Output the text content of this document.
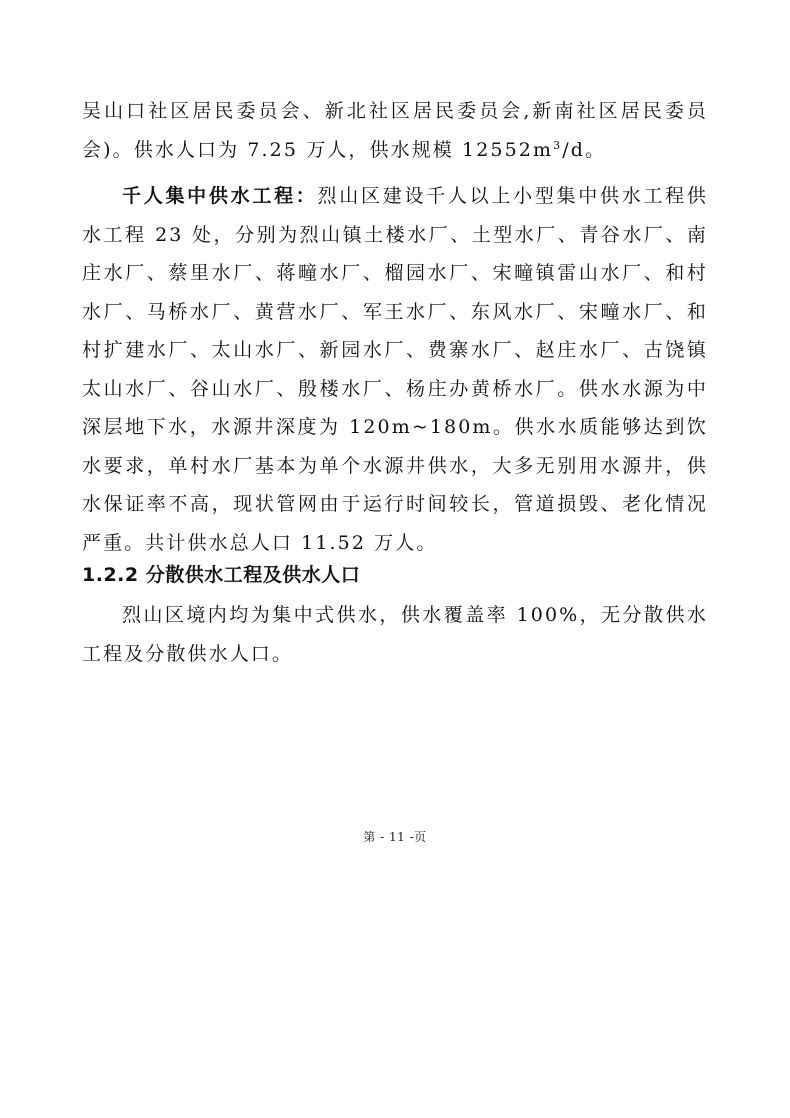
吴山口社区居民委员会、新北社区居民委员会,新南社区居民委员会)。供水人口为 7.25 万人，供水规模 $12552m^3/d$。

千人集中供水工程：烈山区建设千人以上小型集中供水工程供水工程 23 处，分别为烈山镇土楼水厂、土型水厂、青谷水厂、南庄水厂、蔡里水厂、蒋疃水厂、榴园水厂、宋疃镇雷山水厂、和村水厂、马桥水厂、黄营水厂、军王水厂、东风水厂、宋疃水厂、和村扩建水厂、太山水厂、新园水厂、费寨水厂、赵庄水厂、古饶镇太山水厂、谷山水厂、殷楼水厂、杨庄办黄桥水厂。供水水源为中深层地下水，水源井深度为 120m~180m。供水水质能够达到饮水要求，单村水厂基本为单个水源井供水，大多无别用水源井，供水保证率不高，现状管网由于运行时间较长，管道损毁、老化情况严重。共计供水总人口 11.52 万人。

1.2.2 分散供水工程及供水人口

烈山区境内均为集中式供水，供水覆盖率 100%，无分散供水工程及分散供水人口。

第 - 11 -页
